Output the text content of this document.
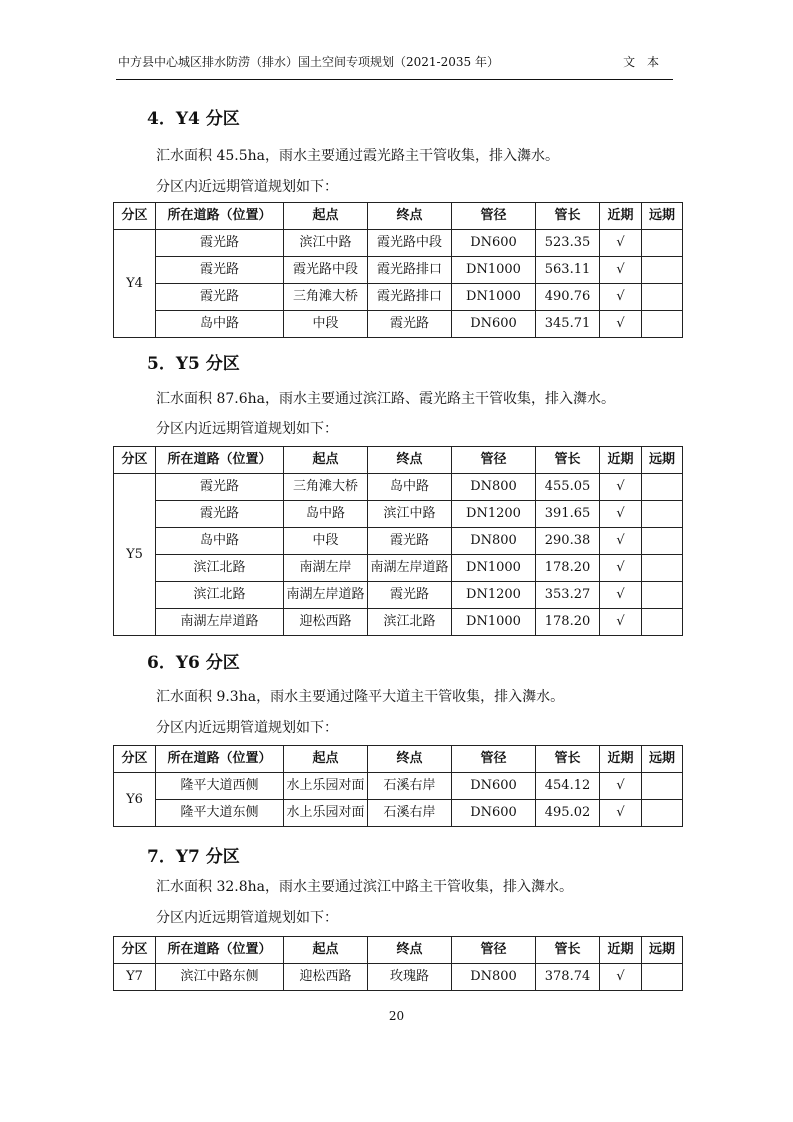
中方县中心城区排水防涝（排水）国土空间专项规划（2021-2035 年）	文 本
4．Y4 分区
汇水面积 45.5ha，雨水主要通过霞光路主干管收集，排入㵲水。
分区内近远期管道规划如下：
分区	所在道路（位置）	起点	终点	管径	管长	近期	远期
Y4	霞光路	滨江中路	霞光路中段	DN600	523.35	√	
	霞光路	霞光路中段	霞光路排口	DN1000	563.11	√	
	霞光路	三角滩大桥	霞光路排口	DN1000	490.76	√	
	岛中路	中段	霞光路	DN600	345.71	√	
5．Y5 分区
汇水面积 87.6ha，雨水主要通过滨江路、霞光路主干管收集，排入㵲水。
分区内近远期管道规划如下：
分区	所在道路（位置）	起点	终点	管径	管长	近期	远期
Y5	霞光路	三角滩大桥	岛中路	DN800	455.05	√	
	霞光路	岛中路	滨江中路	DN1200	391.65	√	
	岛中路	中段	霞光路	DN800	290.38	√	
	滨江北路	南湖左岸	南湖左岸道路	DN1000	178.20	√	
	滨江北路	南湖左岸道路	霞光路	DN1200	353.27	√	
	南湖左岸道路	迎松西路	滨江北路	DN1000	178.20	√	
6．Y6 分区
汇水面积 9.3ha，雨水主要通过隆平大道主干管收集，排入㵲水。
分区内近远期管道规划如下：
分区	所在道路（位置）	起点	终点	管径	管长	近期	远期
Y6	隆平大道西侧	水上乐园对面	石溪右岸	DN600	454.12	√	
	隆平大道东侧	水上乐园对面	石溪右岸	DN600	495.02	√	
7．Y7 分区
汇水面积 32.8ha，雨水主要通过滨江中路主干管收集，排入㵲水。
分区内近远期管道规划如下：
分区	所在道路（位置）	起点	终点	管径	管长	近期	远期
Y7	滨江中路东侧	迎松西路	玫瑰路	DN800	378.74	√	
20
